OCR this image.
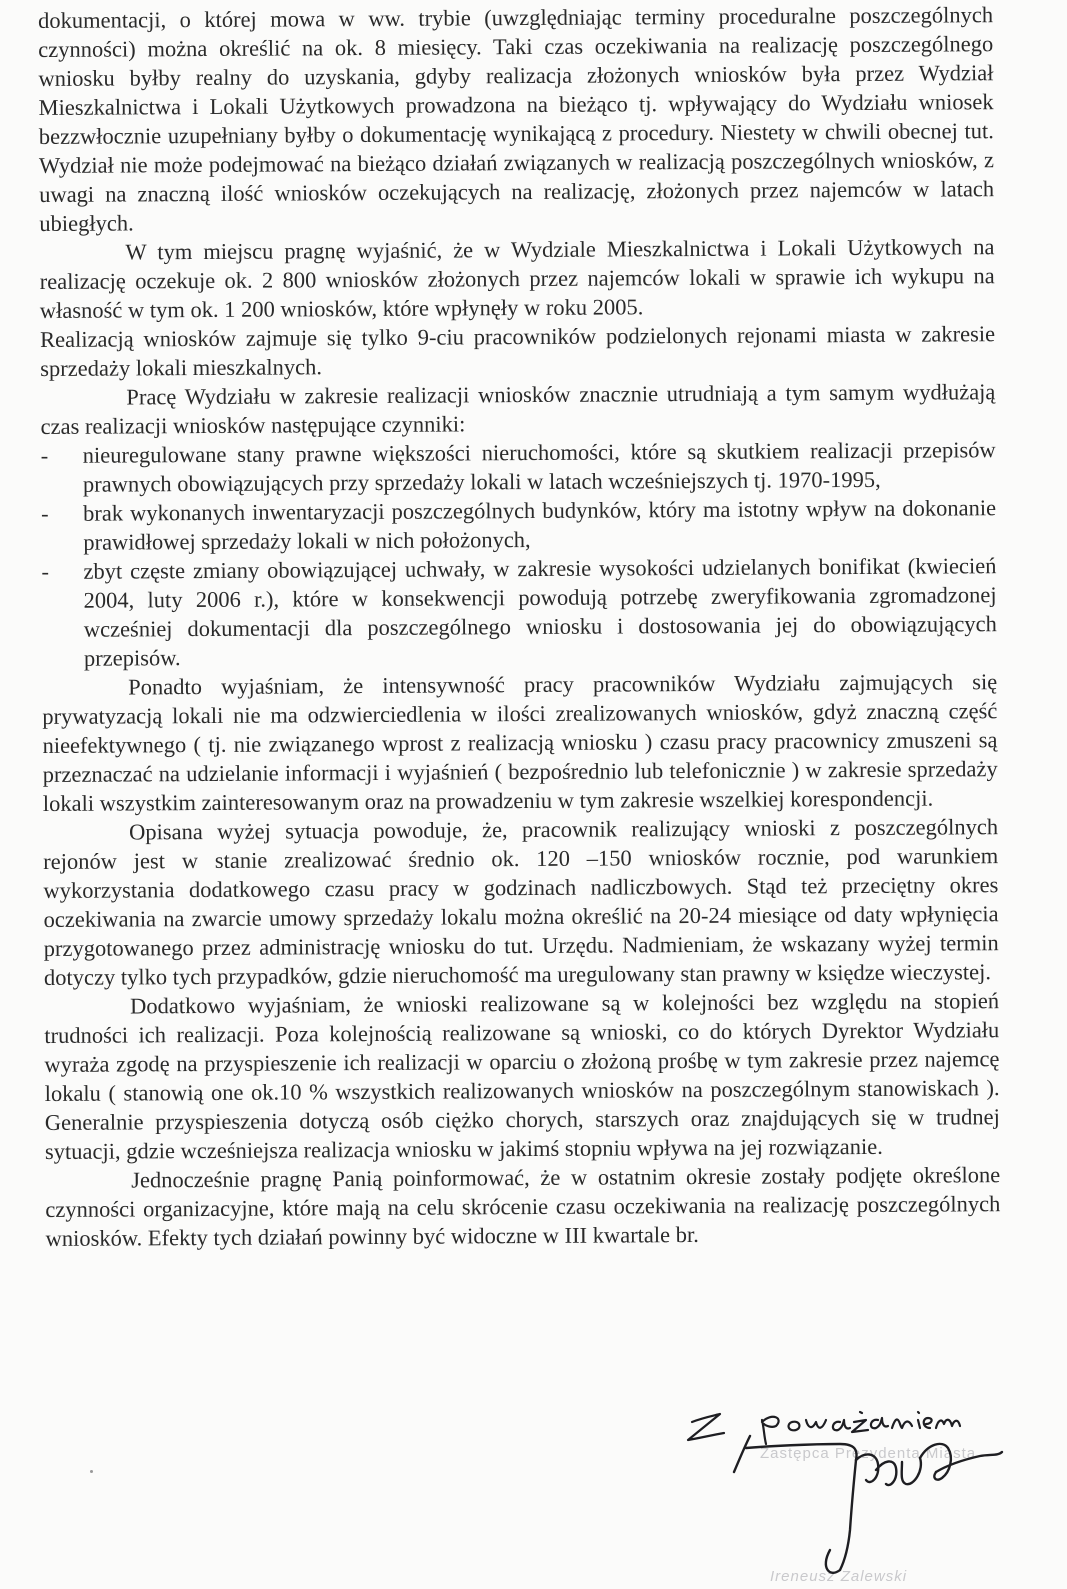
dokumentacji, o której mowa w ww. trybie (uwzględniając terminy proceduralne poszczególnych czynności) można określić na ok. 8 miesięcy. Taki czas oczekiwania na realizację poszczególnego wniosku byłby realny do uzyskania, gdyby realizacja złożonych wniosków była przez Wydział Mieszkalnictwa i Lokali Użytkowych prowadzona na bieżąco tj. wpływający do Wydziału wniosek bezzwłocznie uzupełniany byłby o dokumentację wynikającą z procedury. Niestety w chwili obecnej tut. Wydział nie może podejmować na bieżąco działań związanych w realizacją poszczególnych wniosków, z uwagi na znaczną ilość wniosków oczekujących na realizację, złożonych przez najemców w latach ubiegłych.

W tym miejscu pragnę wyjaśnić, że w Wydziale Mieszkalnictwa i Lokali Użytkowych na realizację oczekuje ok. 2 800 wniosków złożonych przez najemców lokali w sprawie ich wykupu na własność w tym ok. 1 200 wniosków, które wpłynęły w roku 2005.

Realizacją wniosków zajmuje się tylko 9-ciu pracowników podzielonych rejonami miasta w zakresie sprzedaży lokali mieszkalnych.

Pracę Wydziału w zakresie realizacji wniosków znacznie utrudniają a tym samym wydłużają czas realizacji wniosków następujące czynniki:

- nieuregulowane stany prawne większości nieruchomości, które są skutkiem realizacji przepisów prawnych obowiązujących przy sprzedaży lokali w latach wcześniejszych tj. 1970-1995,
- brak wykonanych inwentaryzacji poszczególnych budynków, który ma istotny wpływ na dokonanie prawidłowej sprzedaży lokali w nich położonych,
- zbyt częste zmiany obowiązującej uchwały, w zakresie wysokości udzielanych bonifikat (kwiecień 2004, luty 2006 r.), które w konsekwencji powodują potrzebę zweryfikowania zgromadzonej wcześniej dokumentacji dla poszczególnego wniosku i dostosowania jej do obowiązujących przepisów.

Ponadto wyjaśniam, że intensywność pracy pracowników Wydziału zajmujących się prywatyzacją lokali nie ma odzwierciedlenia w ilości zrealizowanych wniosków, gdyż znaczną część nieefektywnego ( tj. nie związanego wprost z realizacją wniosku ) czasu pracy pracownicy zmuszeni są przeznaczać na udzielanie informacji i wyjaśnień ( bezpośrednio lub telefonicznie ) w zakresie sprzedaży lokali wszystkim zainteresowanym oraz na prowadzeniu w tym zakresie wszelkiej korespondencji.

Opisana wyżej sytuacja powoduje, że, pracownik realizujący wnioski z poszczególnych rejonów jest w stanie zrealizować średnio ok. 120 –150 wniosków rocznie, pod warunkiem wykorzystania dodatkowego czasu pracy w godzinach nadliczbowych. Stąd też przeciętny okres oczekiwania na zwarcie umowy sprzedaży lokalu można określić na 20-24 miesiące od daty wpłynięcia przygotowanego przez administrację wniosku do tut. Urzędu. Nadmieniam, że wskazany wyżej termin dotyczy tylko tych przypadków, gdzie nieruchomość ma uregulowany stan prawny w księdze wieczystej.

Dodatkowo wyjaśniam, że wnioski realizowane są w kolejności bez względu na stopień trudności ich realizacji. Poza kolejnością realizowane są wnioski, co do których Dyrektor Wydziału wyraża zgodę na przyspieszenie ich realizacji w oparciu o złożoną prośbę w tym zakresie przez najemcę lokalu ( stanowią one ok.10 % wszystkich realizowanych wniosków na poszczególnym stanowiskach ). Generalnie przyspieszenia dotyczą osób ciężko chorych, starszych oraz znajdujących się w trudnej sytuacji, gdzie wcześniejsza realizacja wniosku w jakimś stopniu wpływa na jej rozwiązanie.

Jednocześnie pragnę Panią poinformować, że w ostatnim okresie zostały podjęte określone czynności organizacyjne, które mają na celu skrócenie czasu oczekiwania na realizację poszczególnych wniosków. Efekty tych działań powinny być widoczne w III kwartale br.

Zastępca Prezydenta Miasta
Ireneusz Zalewski
